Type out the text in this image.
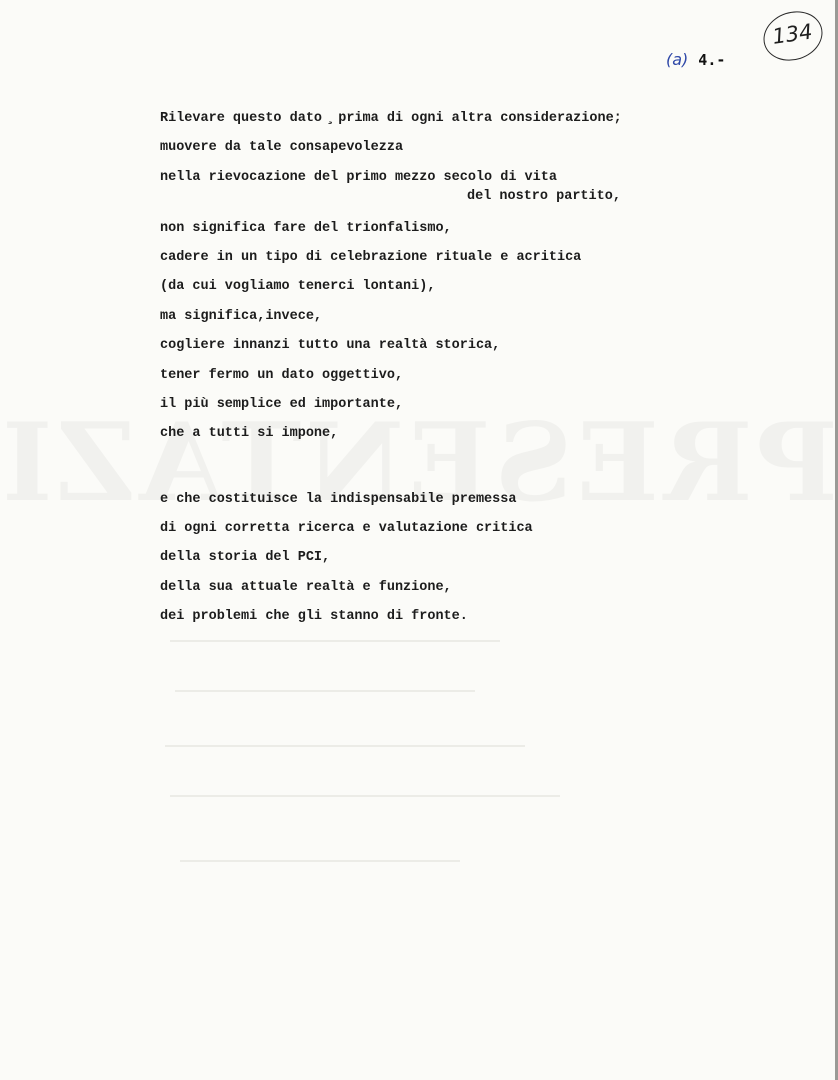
134
(a) 4.-
Rilevare questo dato ̧ prima di ogni altra considerazione;
muovere da tale consapevolezza
nella rievocazione del primo mezzo secolo di vita
del nostro partito,
non significa fare del trionfalismo,
cadere in un tipo di celebrazione rituale e acritica
(da cui vogliamo tenerci lontani),
ma significa,invece,
cogliere innanzi tutto una realtà storica,
tener fermo un dato oggettivo,
il più semplice ed importante,
che a tutti si impone,
e che costituisce la indispensabile premessa
di ogni corretta ricerca e valutazione critica
della storia del PCI,
della sua attuale realtà e funzione,
dei problemi che gli stanno di fronte.
